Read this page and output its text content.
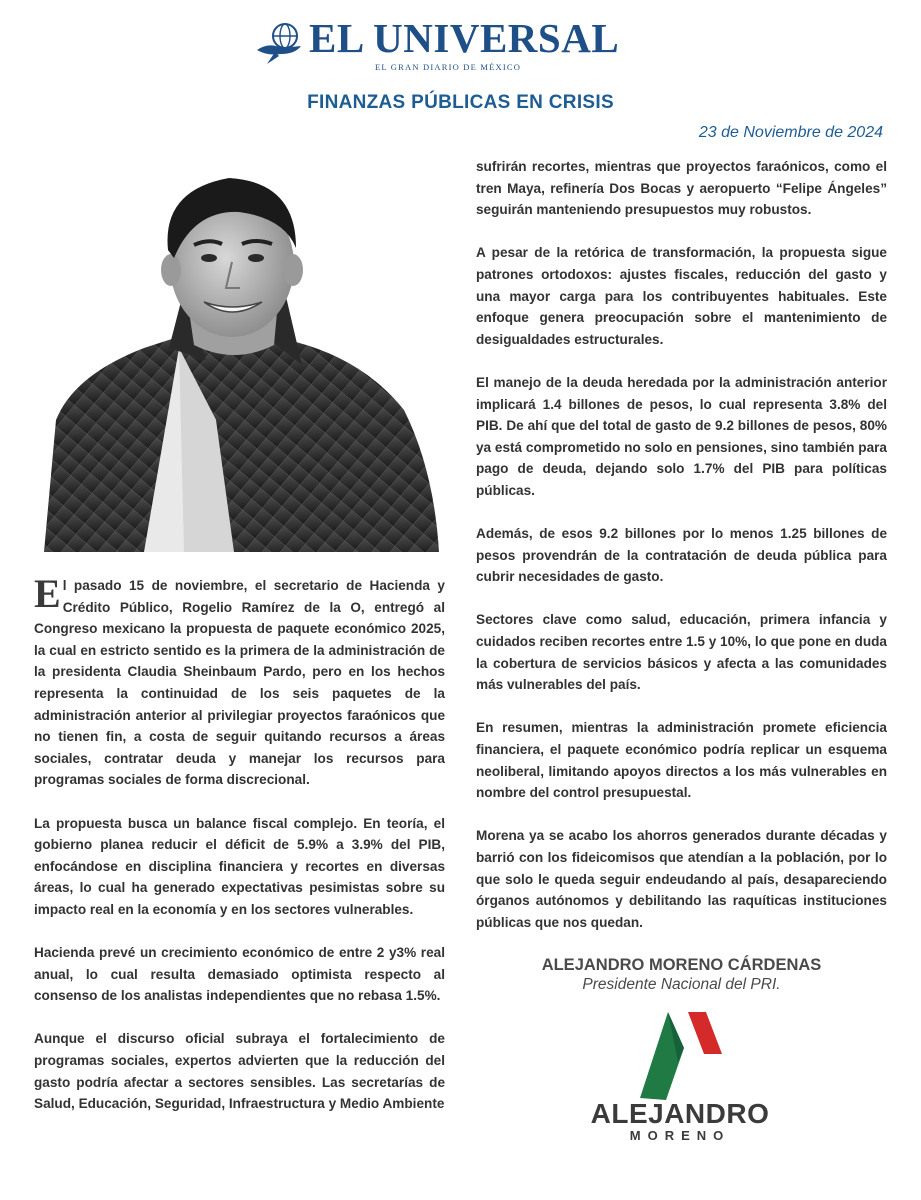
EL UNIVERSAL
EL GRAN DIARIO DE MÉXICO
FINANZAS PÚBLICAS EN CRISIS
23 de Noviembre de 2024

El pasado 15 de noviembre, el secretario de Hacienda y Crédito Público, Rogelio Ramírez de la O, entregó al Congreso mexicano la propuesta de paquete económico 2025, la cual en estricto sentido es la primera de la administración de la presidenta Claudia Sheinbaum Pardo, pero en los hechos representa la continuidad de los seis paquetes de la administración anterior al privilegiar proyectos faraónicos que no tienen fin, a costa de seguir quitando recursos a áreas sociales, contratar deuda y manejar los recursos para programas sociales de forma discrecional.

La propuesta busca un balance fiscal complejo. En teoría, el gobierno planea reducir el déficit de 5.9% a 3.9% del PIB, enfocándose en disciplina financiera y recortes en diversas áreas, lo cual ha generado expectativas pesimistas sobre su impacto real en la economía y en los sectores vulnerables.

Hacienda prevé un crecimiento económico de entre 2 y3% real anual, lo cual resulta demasiado optimista respecto al consenso de los analistas independientes que no rebasa 1.5%.

Aunque el discurso oficial subraya el fortalecimiento de programas sociales, expertos advierten que la reducción del gasto podría afectar a sectores sensibles. Las secretarías de Salud, Educación, Seguridad, Infraestructura y Medio Ambiente

sufrirán recortes, mientras que proyectos faraónicos, como el tren Maya, refinería Dos Bocas y aeropuerto “Felipe Ángeles” seguirán manteniendo presupuestos muy robustos.

A pesar de la retórica de transformación, la propuesta sigue patrones ortodoxos: ajustes fiscales, reducción del gasto y una mayor carga para los contribuyentes habituales. Este enfoque genera preocupación sobre el mantenimiento de desigualdades estructurales.

El manejo de la deuda heredada por la administración anterior implicará 1.4 billones de pesos, lo cual representa 3.8% del PIB. De ahí que del total de gasto de 9.2 billones de pesos, 80% ya está comprometido no solo en pensiones, sino también para pago de deuda, dejando solo 1.7% del PIB para políticas públicas.

Además, de esos 9.2 billones por lo menos 1.25 billones de pesos provendrán de la contratación de deuda pública para cubrir necesidades de gasto.

Sectores clave como salud, educación, primera infancia y cuidados reciben recortes entre 1.5 y 10%, lo que pone en duda la cobertura de servicios básicos y afecta a las comunidades más vulnerables del país.

En resumen, mientras la administración promete eficiencia financiera, el paquete económico podría replicar un esquema neoliberal, limitando apoyos directos a los más vulnerables en nombre del control presupuestal.

Morena ya se acabo los ahorros generados durante décadas y barrió con los fideicomisos que atendían a la población, por lo que solo le queda seguir endeudando al país, desapareciendo órganos autónomos y debilitando las raquíticas instituciones públicas que nos quedan.

ALEJANDRO MORENO CÁRDENAS
Presidente Nacional del PRI.
ALEJANDRO
MORENO
